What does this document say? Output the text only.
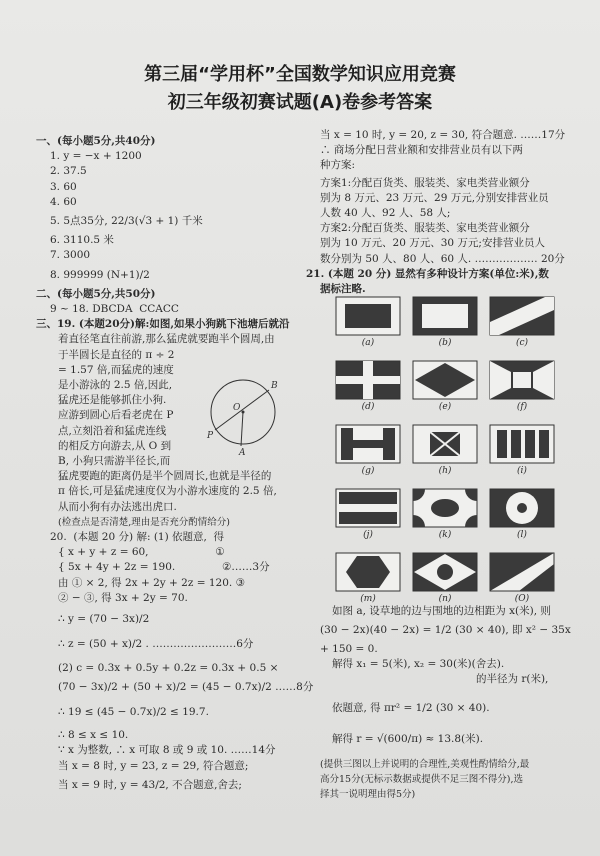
第三届“学用杯”全国数学知识应用竞赛
初三年级初赛试题(A)卷参考答案
一、(每小题5分,共40分)
1. y = −x + 1200
2. 37.5
3. 60
4. 60
5. 5点35分, 22/3(√3 + 1) 千米
6. 3110.5 米
7. 3000
8. 999999 (N+1)/2
二、(每小题5分,共50分)
9 ~ 18. DBCDA  CCACC
三、19. (本题20分)解:如图,如果小狗跳下池塘后就沿
着直径笔直往前游,那么猛虎就要跑半个圆周,由
于半圆长是直径的 π ÷ 2
= 1.57 倍,而猛虎的速度
是小游泳的 2.5 倍,因此,
猛虎还是能够抓住小狗.
应游到圆心后看老虎在 P
点,立刻沿着和猛虎连线
的相反方向游去,从 O 到
B, 小狗只需游半径长,而
猛虎要跑的距离仍是半个圆周长,也就是半径的
π 倍长,可是猛虎速度仅为小游水速度的 2.5 倍,
从而小狗有办法逃出虎口.
(检查点是否清楚,理由是否充分酌情给分)
20.  (本题 20 分) 解: (1) 依题意,  得
{ x + y + z = 60,                    ①
{ 5x + 4y + 2z = 190.              ②……3分
由 ① × 2, 得 2x + 2y + 2z = 120. ③
② − ③, 得 3x + 2y = 70.
∴ y = (70 − 3x)/2
∴ z = (50 + x)/2 . ……………………6分
(2) c = 0.3x + 0.5y + 0.2z = 0.3x + 0.5 ×
(70 − 3x)/2 + (50 + x)/2 = (45 − 0.7x)/2 ……8分
∴ 19 ≤ (45 − 0.7x)/2 ≤ 19.7.
∴ 8 ≤ x ≤ 10.
∵ x 为整数, ∴ x 可取 8 或 9 或 10. ……14分
当 x = 8 时, y = 23, z = 29, 符合题意;
当 x = 9 时, y = 43/2, 不合题意,舍去;
B
O
P
A
当 x = 10 时, y = 20, z = 30, 符合题意. ……17分
∴ 商场分配日营业额和安排营业员有以下两
种方案:
方案1:分配百货类、服装类、家电类营业额分
别为 8 万元、23 万元、29 万元,分别安排营业员
人数 40 人、92 人、58 人;
方案2:分配百货类、服装类、家电类营业额分
别为 10 万元、20 万元、30 万元;安排营业员人
数分别为 50 人、80 人、60 人. ……………… 20分
21. (本题 20 分) 显然有多种设计方案(单位:米),数
据标注略.
(a)	(b)	(c)
(d)	(e)	(f)
(g)	(h)	(i)
(j)	(k)	(l)
(m)	(n)	(O)
如图 a, 设草地的边与围地的边相距为 x(米), 则
(30 − 2x)(40 − 2x) = 1/2 (30 × 40), 即 x² − 35x
+ 150 = 0.
解得 x₁ = 5(米), x₂ = 30(米)(舍去).
的半径为 r(米),
依题意, 得 πr² = 1/2 (30 × 40).
解得 r = √(600/π) ≈ 13.8(米).
(提供三图以上并说明的合理性,美观性酌情给分,最
高分15分(无标示数据或提供不足三图不得分),选
择其一说明理由得5分)
